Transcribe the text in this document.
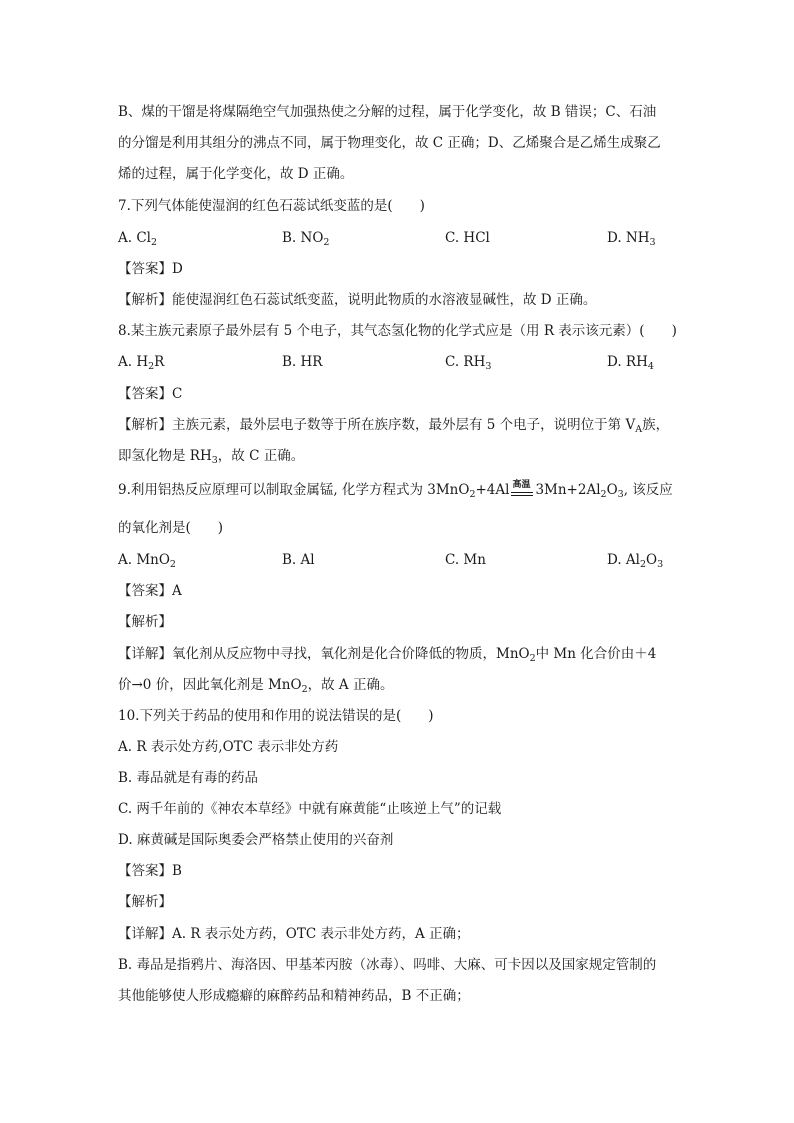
B、煤的干馏是将煤隔绝空气加强热使之分解的过程，属于化学变化，故 B 错误；C、石油
的分馏是利用其组分的沸点不同，属于物理变化，故 C 正确；D、乙烯聚合是乙烯生成聚乙
烯的过程，属于化学变化，故 D 正确。
7.下列气体能使湿润的红色石蕊试纸变蓝的是(　　)
A. $Cl_2$	B. $NO_2$	C. HCl	D. $NH_3$
【答案】D
【解析】能使湿润红色石蕊试纸变蓝，说明此物质的水溶液显碱性，故 D 正确。
8.某主族元素原子最外层有 5 个电子，其气态氢化物的化学式应是（用 R 表示该元素）(　　)
A. $H_2R$	B. HR	C. $RH_3$	D. $RH_4$
【答案】C
【解析】主族元素，最外层电子数等于所在族序数，最外层有 5 个电子，说明位于第 $V_A$族，
即氢化物是 $RH_3$，故 C 正确。
9.利用铝热反应原理可以制取金属锰, 化学方程式为 3MnO$_2$+4Al 高温 $3Mn+2Al_2O_3$, 该反应
的氧化剂是(　　)
A. MnO$_2$	B. Al	C. Mn	D. $Al_2O_3$
【答案】A
【解析】
【详解】氧化剂从反应物中寻找，氧化剂是化合价降低的物质，MnO$_2$中 Mn 化合价由＋4
价→0 价，因此氧化剂是 MnO$_2$，故 A 正确。
10.下列关于药品的使用和作用的说法错误的是(　　)
A. R 表示处方药,OTC 表示非处方药
B. 毒品就是有毒的药品
C. 两千年前的《神农本草经》中就有麻黄能“止咳逆上气”的记载
D. 麻黄碱是国际奥委会严格禁止使用的兴奋剂
【答案】B
【解析】
【详解】A. R 表示处方药，OTC 表示非处方药，A 正确；
B. 毒品是指鸦片、海洛因、甲基苯丙胺（冰毒）、吗啡、大麻、可卡因以及国家规定管制的
其他能够使人形成瘾癖的麻醉药品和精神药品，B 不正确；
